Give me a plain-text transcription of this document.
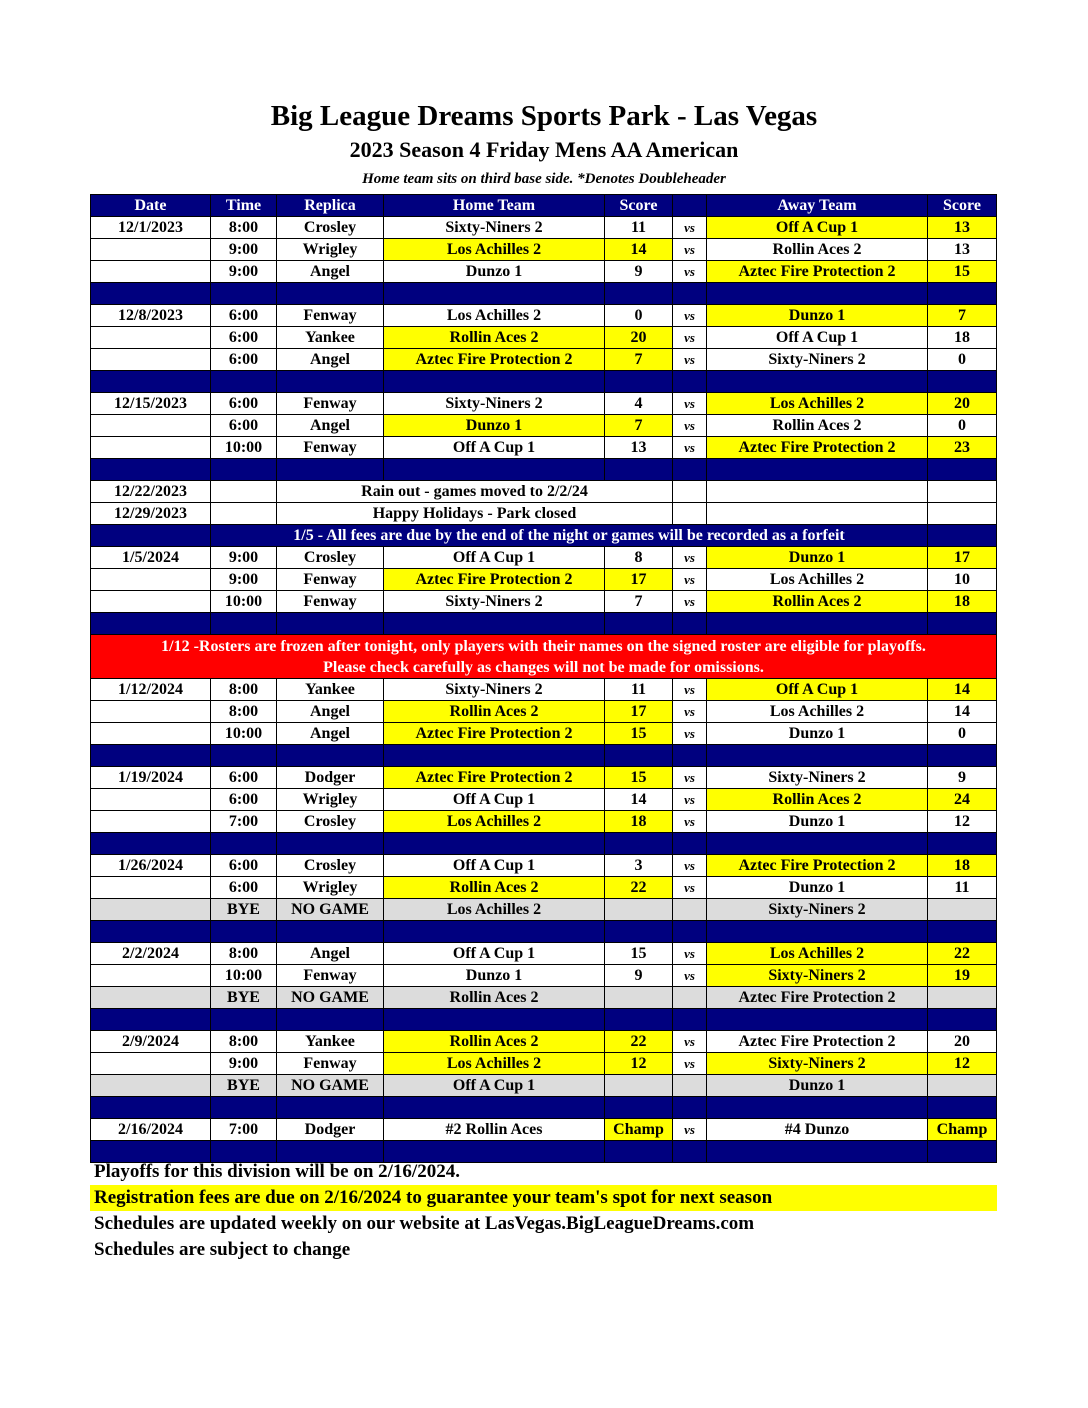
Big League Dreams Sports Park - Las Vegas
2023 Season 4 Friday Mens AA American
Home team sits on third base side. *Denotes Doubleheader
Date	Time	Replica	Home Team	Score		Away Team	Score
12/1/2023	8:00	Crosley	Sixty-Niners 2	11	vs	Off A Cup 1	13
	9:00	Wrigley	Los Achilles 2	14	vs	Rollin Aces 2	13
	9:00	Angel	Dunzo 1	9	vs	Aztec Fire Protection 2	15

12/8/2023	6:00	Fenway	Los Achilles 2	0	vs	Dunzo 1	7
	6:00	Yankee	Rollin Aces 2	20	vs	Off A Cup 1	18
	6:00	Angel	Aztec Fire Protection 2	7	vs	Sixty-Niners 2	0

12/15/2023	6:00	Fenway	Sixty-Niners 2	4	vs	Los Achilles 2	20
	6:00	Angel	Dunzo 1	7	vs	Rollin Aces 2	0
	10:00	Fenway	Off A Cup 1	13	vs	Aztec Fire Protection 2	23

12/22/2023		Rain out - games moved to 2/2/24					
12/29/2023		Happy Holidays - Park closed					
	1/5 - All fees are due by the end of the night or games will be recorded as a forfeit						
1/5/2024	9:00	Crosley	Off A Cup 1	8	vs	Dunzo 1	17
	9:00	Fenway	Aztec Fire Protection 2	17	vs	Los Achilles 2	10
	10:00	Fenway	Sixty-Niners 2	7	vs	Rollin Aces 2	18

1/12 -Rosters are frozen after tonight, only players with their names on the signed roster are eligible for playoffs.
Please check carefully as changes will not be made for omissions.							

1/12/2024	8:00	Yankee	Sixty-Niners 2	11	vs	Off A Cup 1	14
	8:00	Angel	Rollin Aces 2	17	vs	Los Achilles 2	14
	10:00	Angel	Aztec Fire Protection 2	15	vs	Dunzo 1	0

1/19/2024	6:00	Dodger	Aztec Fire Protection 2	15	vs	Sixty-Niners 2	9
	6:00	Wrigley	Off A Cup 1	14	vs	Rollin Aces 2	24
	7:00	Crosley	Los Achilles 2	18	vs	Dunzo 1	12

1/26/2024	6:00	Crosley	Off A Cup 1	3	vs	Aztec Fire Protection 2	18
	6:00	Wrigley	Rollin Aces 2	22	vs	Dunzo 1	11
	BYE	NO GAME	Los Achilles 2			Sixty-Niners 2	

2/2/2024	8:00	Angel	Off A Cup 1	15	vs	Los Achilles 2	22
	10:00	Fenway	Dunzo 1	9	vs	Sixty-Niners 2	19
	BYE	NO GAME	Rollin Aces 2			Aztec Fire Protection 2	

2/9/2024	8:00	Yankee	Rollin Aces 2	22	vs	Aztec Fire Protection 2	20
	9:00	Fenway	Los Achilles 2	12	vs	Sixty-Niners 2	12
	BYE	NO GAME	Off A Cup 1			Dunzo 1	

2/16/2024	7:00	Dodger	#2 Rollin Aces	Champ	vs	#4 Dunzo	Champ

Playoffs for this division will be on 2/16/2024.
Registration fees are due on 2/16/2024 to guarantee your team's spot for next season
Schedules are updated weekly on our website at LasVegas.BigLeagueDreams.com
Schedules are subject to change
